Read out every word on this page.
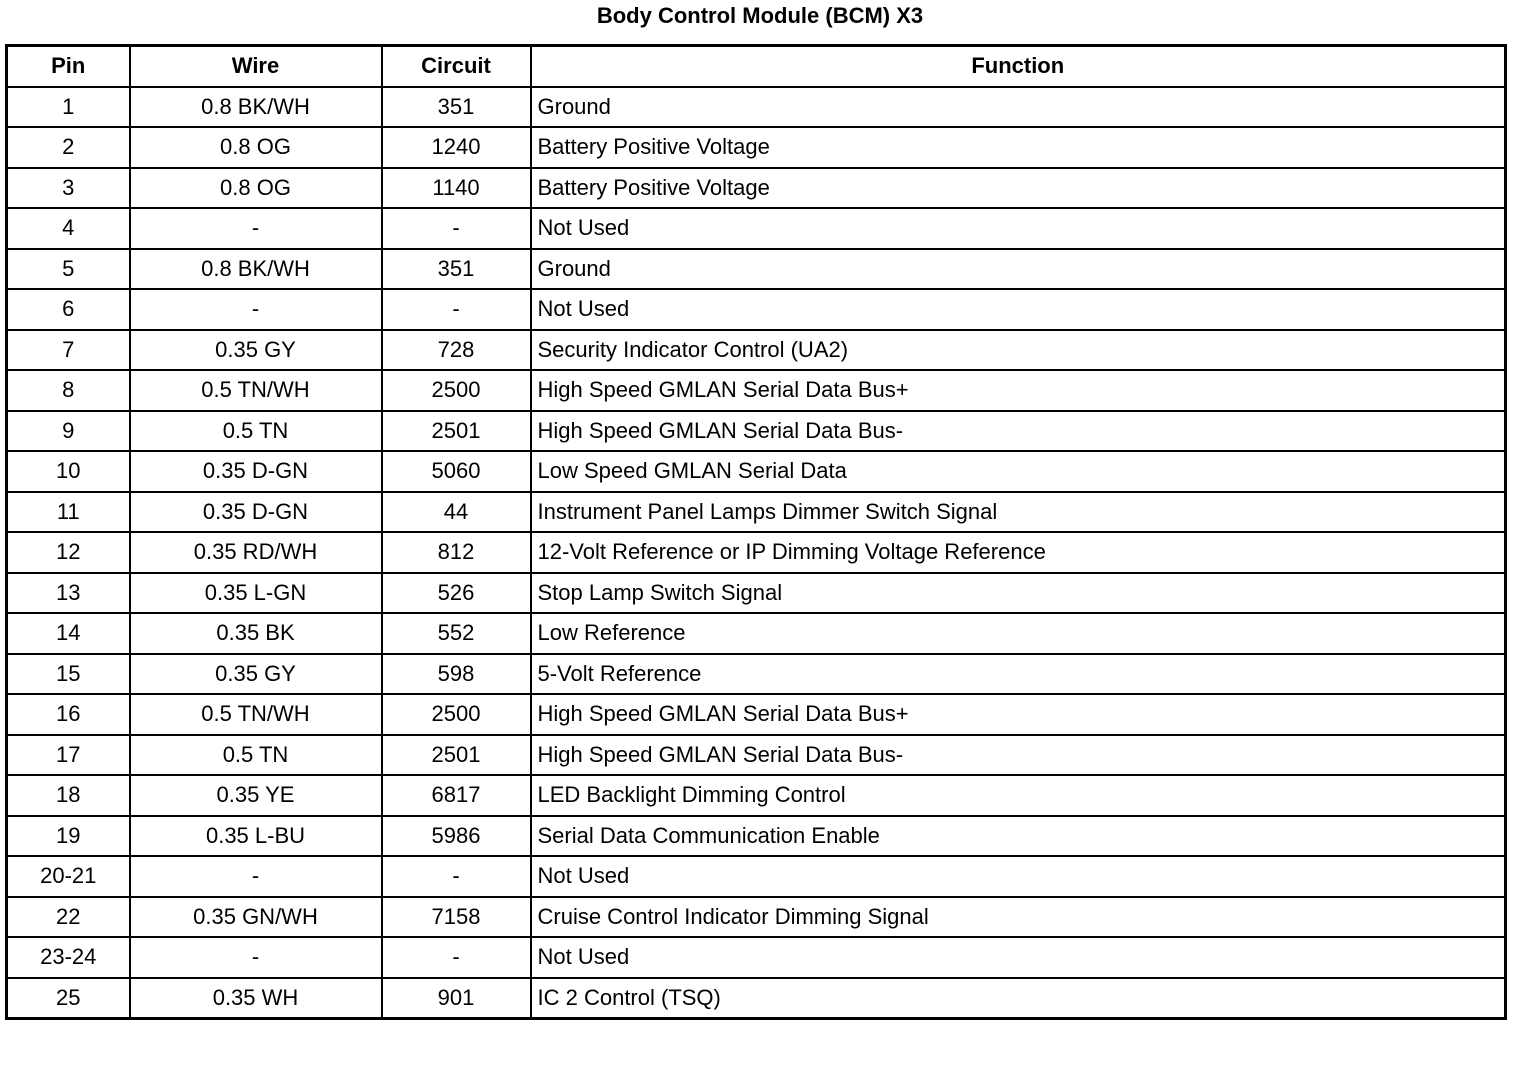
Body Control Module (BCM) X3
Pin	Wire	Circuit	Function
1	0.8 BK/WH	351	Ground
2	0.8 OG	1240	Battery Positive Voltage
3	0.8 OG	1140	Battery Positive Voltage
4	-	-	Not Used
5	0.8 BK/WH	351	Ground
6	-	-	Not Used
7	0.35 GY	728	Security Indicator Control (UA2)
8	0.5 TN/WH	2500	High Speed GMLAN Serial Data Bus+
9	0.5 TN	2501	High Speed GMLAN Serial Data Bus-
10	0.35 D-GN	5060	Low Speed GMLAN Serial Data
11	0.35 D-GN	44	Instrument Panel Lamps Dimmer Switch Signal
12	0.35 RD/WH	812	12-Volt Reference or IP Dimming Voltage Reference
13	0.35 L-GN	526	Stop Lamp Switch Signal
14	0.35 BK	552	Low Reference
15	0.35 GY	598	5-Volt Reference
16	0.5 TN/WH	2500	High Speed GMLAN Serial Data Bus+
17	0.5 TN	2501	High Speed GMLAN Serial Data Bus-
18	0.35 YE	6817	LED Backlight Dimming Control
19	0.35 L-BU	5986	Serial Data Communication Enable
20-21	-	-	Not Used
22	0.35 GN/WH	7158	Cruise Control Indicator Dimming Signal
23-24	-	-	Not Used
25	0.35 WH	901	IC 2 Control (TSQ)
